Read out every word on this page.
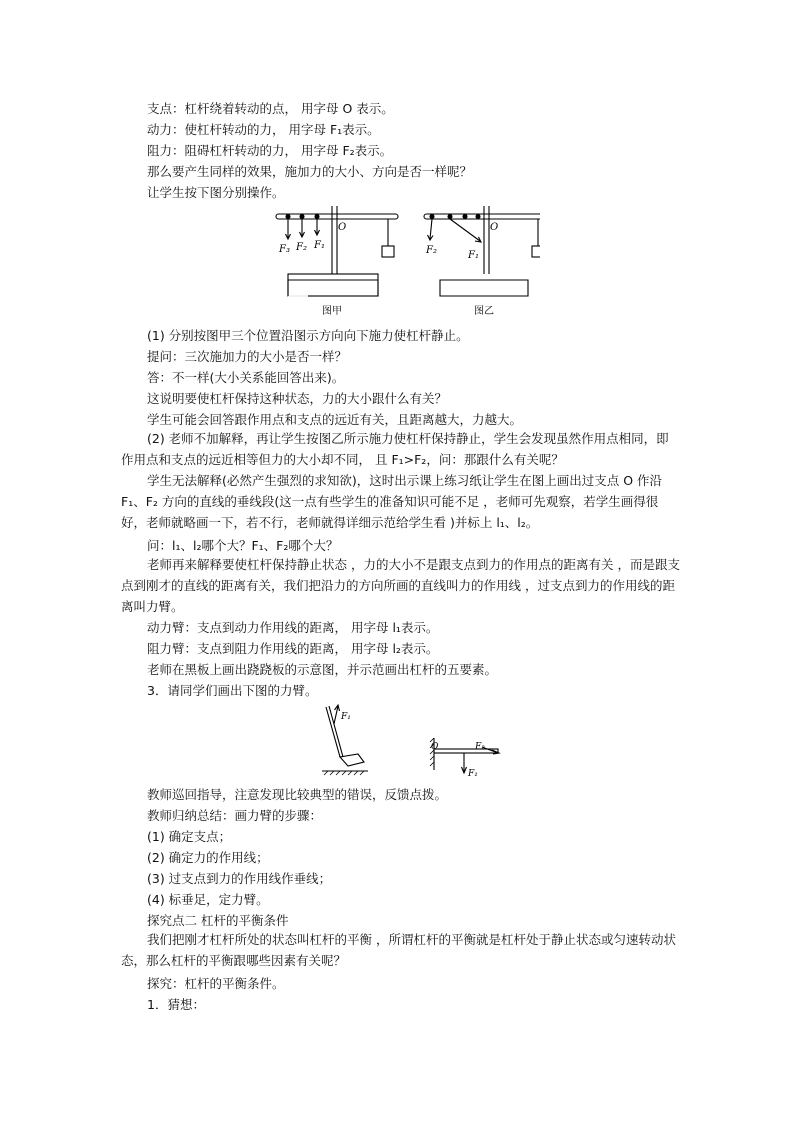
支点：杠杆绕着转动的点， 用字母 O 表示。
动力：使杠杆转动的力， 用字母 F₁表示。
阻力：阻碍杠杆转动的力， 用字母 F₂表示。
那么要产生同样的效果，施加力的大小、方向是否一样呢？
让学生按下图分别操作。
F₃ F₂ F₁
O
图甲
F₂	F₁
O
图乙
(1) 分别按图甲三个位置沿图示方向向下施力使杠杆静止。
提问：三次施加力的大小是否一样？
答：不一样(大小关系能回答出来)。
这说明要使杠杆保持这种状态，力的大小跟什么有关？
学生可能会回答跟作用点和支点的远近有关，且距离越大，力越大。
(2) 老师不加解释，再让学生按图乙所示施力使杠杆保持静止，学生会发现虽然作用点相同，即作用点和支点的远近相等但力的大小却不同， 且 F₁>F₂，问：那跟什么有关呢？
学生无法解释(必然产生强烈的求知欲)，这时出示课上练习纸让学生在图上画出过支点 O 作沿 F₁、F₂ 方向的直线的垂线段(这一点有些学生的准备知识可能不足 ，老师可先观察，若学生画得很好，老师就略画一下，若不行，老师就得详细示范给学生看 )并标上 l₁、l₂。
问：l₁、l₂哪个大？F₁、F₂哪个大？
老师再来解释要使杠杆保持静止状态 ，力的大小不是跟支点到力的作用点的距离有关 ，而是跟支点到刚才的直线的距离有关，我们把沿力的方向所画的直线叫力的作用线 ，过支点到力的作用线的距离叫力臂。
动力臂：支点到动力作用线的距离， 用字母 l₁表示。
阻力臂：支点到阻力作用线的距离， 用字母 l₂表示。
老师在黑板上画出跷跷板的示意图，并示范画出杠杆的五要素。
3．请同学们画出下图的力臂。
F₁
O	F₂
F₁
教师巡回指导，注意发现比较典型的错误，反馈点拨。
教师归纳总结：画力臂的步骤：
(1) 确定支点；
(2) 确定力的作用线；
(3) 过支点到力的作用线作垂线；
(4) 标垂足，定力臂。
探究点二 杠杆的平衡条件
我们把刚才杠杆所处的状态叫杠杆的平衡 ，所谓杠杆的平衡就是杠杆处于静止状态或匀速转动状态，那么杠杆的平衡跟哪些因素有关呢？
探究：杠杆的平衡条件。
1．猜想：
